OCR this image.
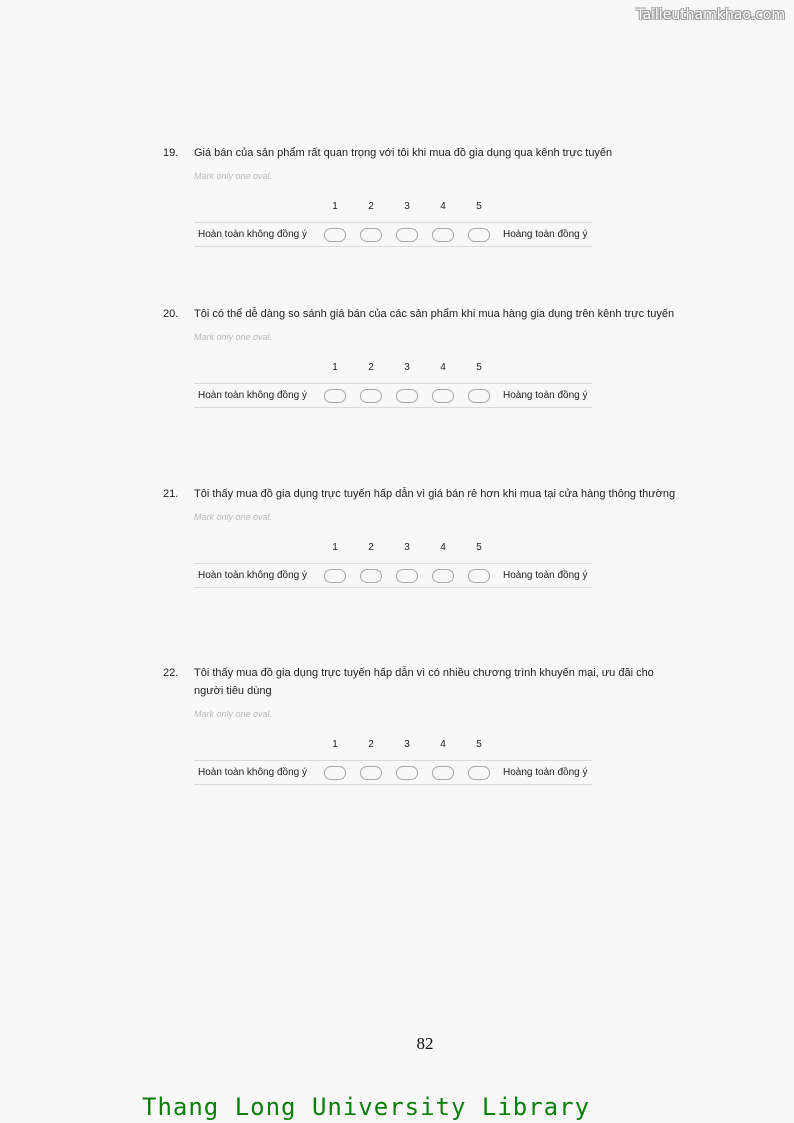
Tailieuthamkhao.com
19.	Giá bán của sản phẩm rất quan trọng với tôi khi mua đồ gia dụng qua kênh trực tuyến
Mark only one oval.
1	2	3	4	5
Hoàn toàn không đồng ý	Hoàng toàn đồng ý
20.	Tôi có thể dễ dàng so sánh giá bán của các sản phẩm khi mua hàng gia dụng trên kênh trực tuyến
Mark only one oval.
1	2	3	4	5
Hoàn toàn không đồng ý	Hoàng toàn đồng ý
21.	Tôi thấy mua đồ gia dụng trực tuyến hấp dẫn vì giá bán rẻ hơn khi mua tại cửa hàng thông thường
Mark only one oval.
1	2	3	4	5
Hoàn toàn không đồng ý	Hoàng toàn đồng ý
22.	Tôi thấy mua đồ gia dụng trực tuyến hấp dẫn vì có nhiều chương trình khuyến mại, ưu đãi cho người tiêu dùng
Mark only one oval.
1	2	3	4	5
Hoàn toàn không đồng ý	Hoàng toàn đồng ý
82
Thang Long University Library
